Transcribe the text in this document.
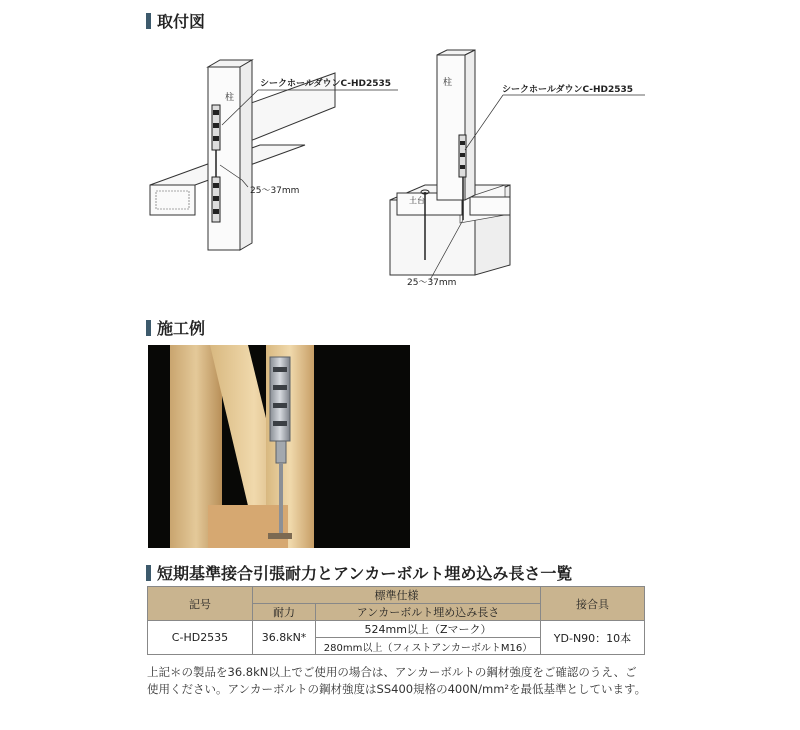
取付図
シークホールダウンC-HD2535
柱
25～37mm
シークホールダウンC-HD2535
柱
土台
25～37mm
施工例
短期基準接合引張耐力とアンカーボルト埋め込み長さ一覧
記号	標準仕様		接合具
	耐力	アンカーボルト埋め込み長さ	
C-HD2535	36.8kN*	524mm以上（Zマーク）	YD-N90：10本
		280mm以上（フィストアンカーボルトM16）	
上記＊の製品を36.8kN以上でご使用の場合は、アンカーボルトの鋼材強度をご確認のうえ、ご使用ください。アンカーボルトの鋼材強度はSS400規格の400N/mm²を最低基準としています。
